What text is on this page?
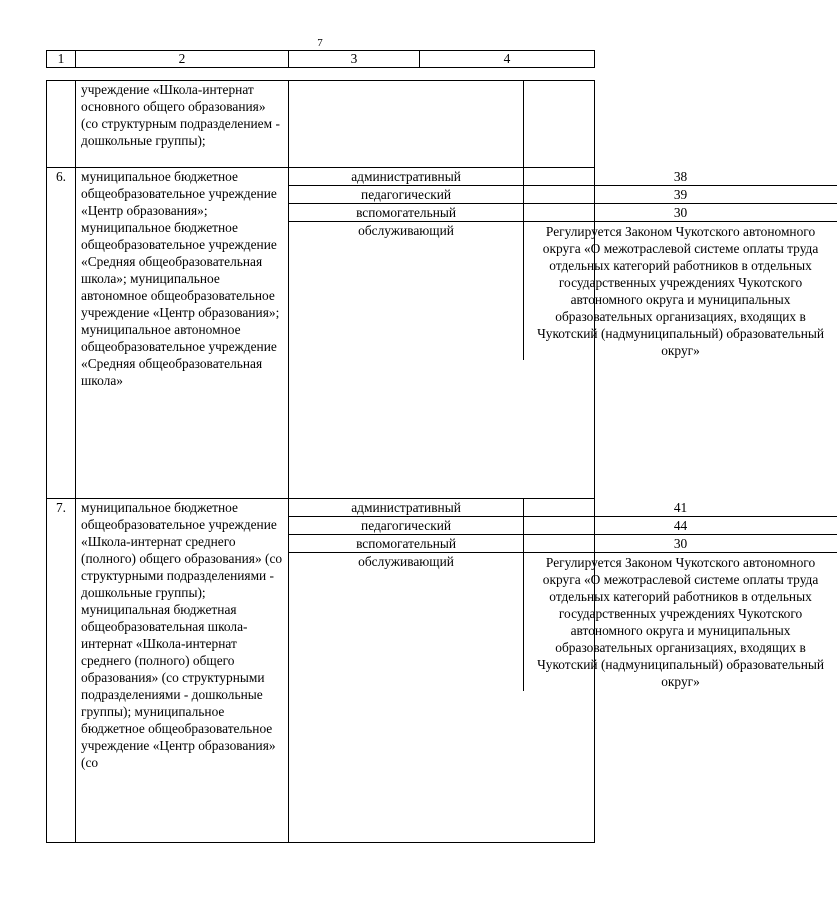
7
1	2	3	4
	учреждение «Школа-интернат основного общего образования» (со структурным подразделением - дошкольные группы);	

6.	муниципальное бюджетное общеобразовательное учреждение «Центр образования»; муниципальное бюджетное общеобразовательное учреждение «Средняя общеобразовательная школа»; муниципальное автономное общеобразовательное учреждение «Центр образования»; муниципальное автономное общеобразовательное учреждение «Средняя общеобразовательная школа»	
административный	38
педагогический	39
вспомогательный	30
обслуживающий	Регулируется Законом Чукотского автономного округа «О межотраслевой системе оплаты труда отдельных категорий работников в отдельных государственных учреждениях Чукотского автономного округа и муниципальных образовательных организациях, входящих в Чукотский (надмуниципальный) образовательный округ»

7.	муниципальное бюджетное общеобразовательное учреждение «Школа-интернат среднего (полного) общего образования» (со структурными подразделениями - дошкольные группы); муниципальная бюджетная общеобразовательная школа-интернат «Школа-интернат среднего (полного) общего образования» (со структурными подразделениями - дошкольные группы); муниципальное бюджетное общеобразовательное учреждение «Центр образования» (со	
административный	41
педагогический	44
вспомогательный	30
обслуживающий	Регулируется Законом Чукотского автономного округа «О межотраслевой системе оплаты труда отдельных категорий работников в отдельных государственных учреждениях Чукотского автономного округа и муниципальных образовательных организациях, входящих в Чукотский (надмуниципальный) образовательный округ»
